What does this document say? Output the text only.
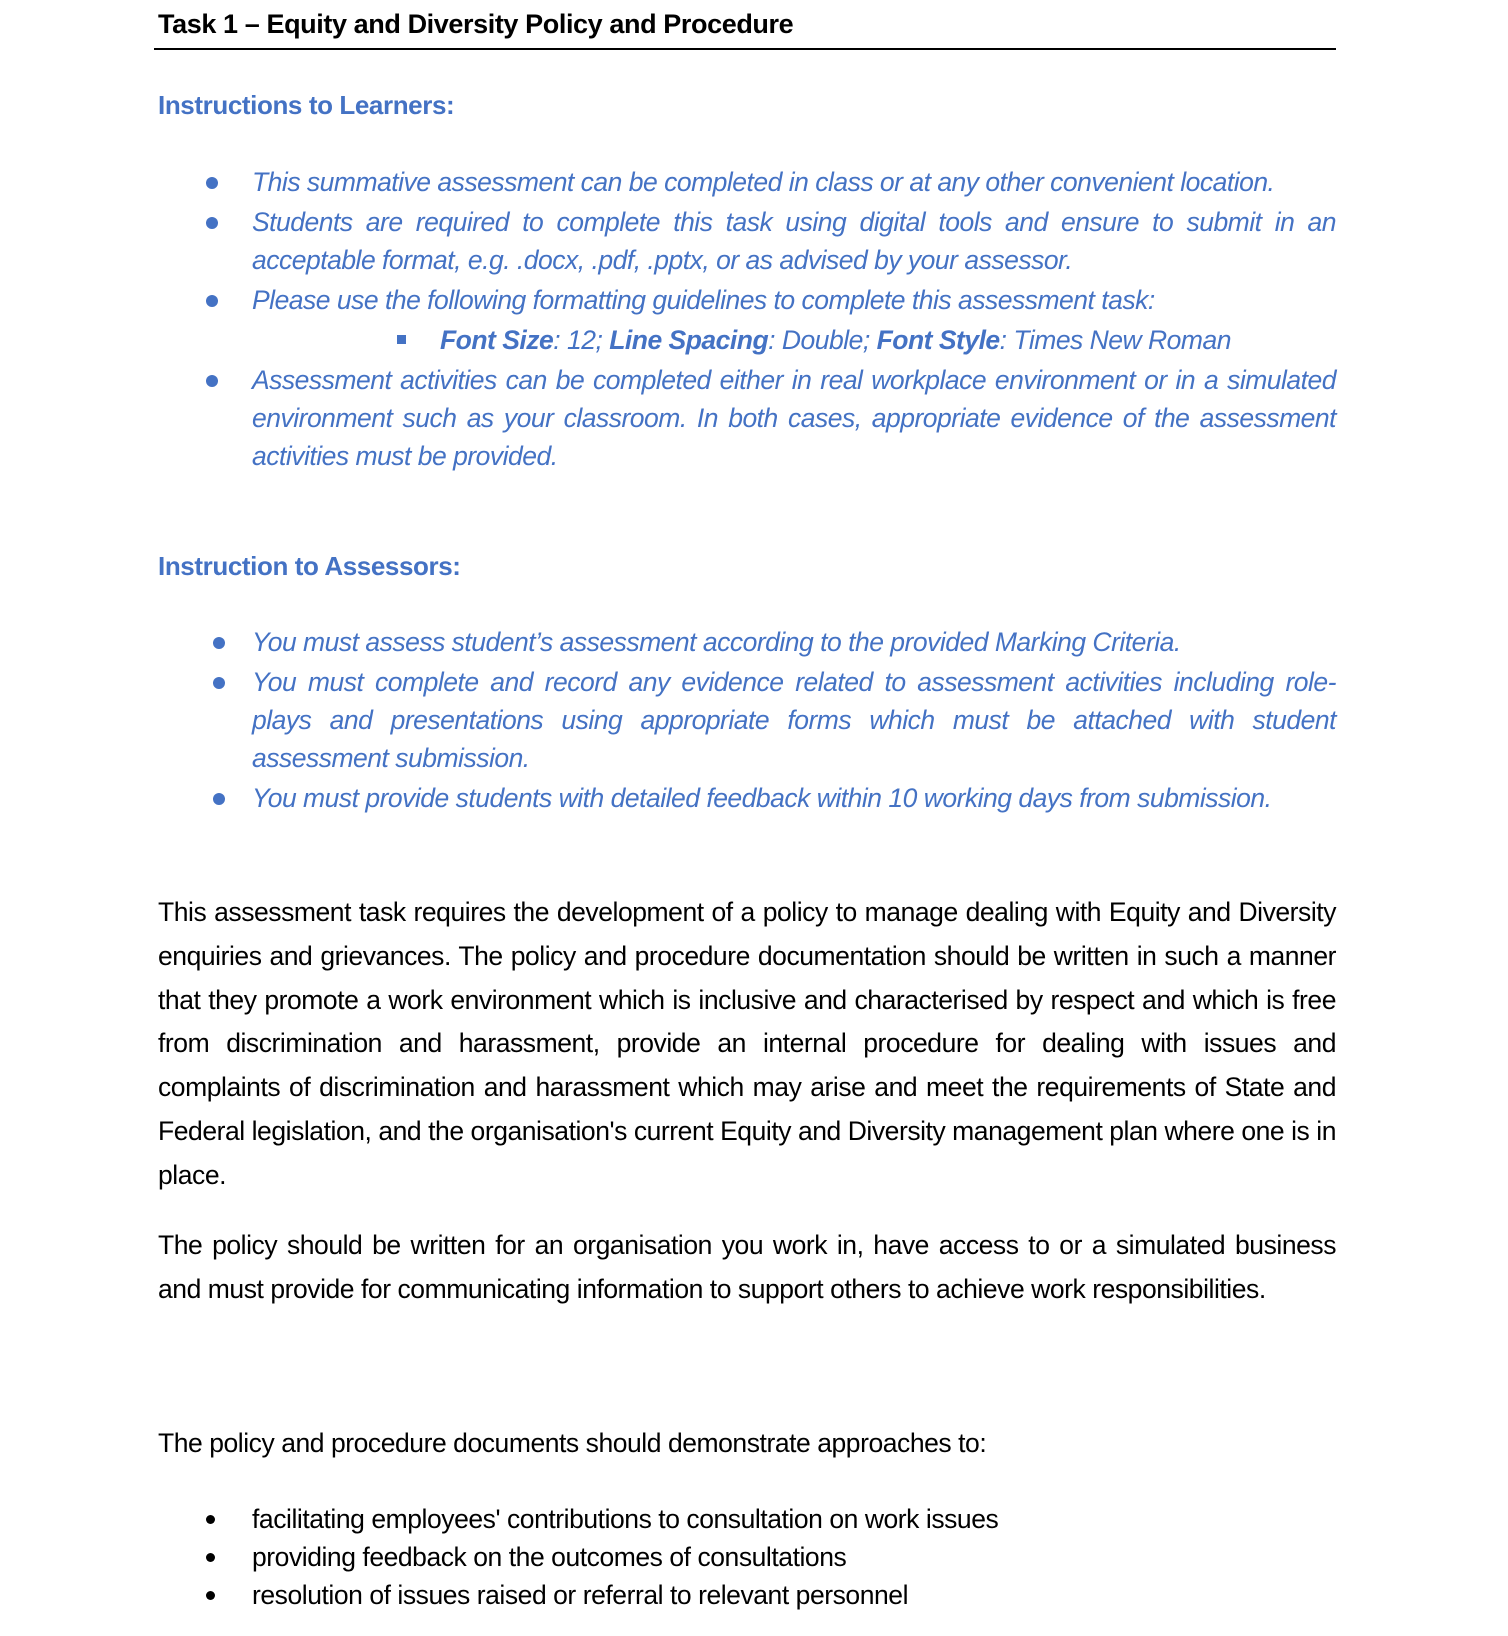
Task 1 – Equity and Diversity Policy and Procedure
Instructions to Learners:
This summative assessment can be completed in class or at any other convenient location.
Students are required to complete this task using digital tools and ensure to submit in an acceptable format, e.g. .docx, .pdf, .pptx, or as advised by your assessor.
Please use the following formatting guidelines to complete this assessment task:
Font Size: 12; Line Spacing: Double; Font Style: Times New Roman
Assessment activities can be completed either in real workplace environment or in a simulated environment such as your classroom. In both cases, appropriate evidence of the assessment activities must be provided.
Instruction to Assessors:
You must assess student’s assessment according to the provided Marking Criteria.
You must complete and record any evidence related to assessment activities including role-plays and presentations using appropriate forms which must be attached with student assessment submission.
You must provide students with detailed feedback within 10 working days from submission.

This assessment task requires the development of a policy to manage dealing with Equity and Diversity enquiries and grievances. The policy and procedure documentation should be written in such a manner that they promote a work environment which is inclusive and characterised by respect and which is free from discrimination and harassment, provide an internal procedure for dealing with issues and complaints of discrimination and harassment which may arise and meet the requirements of State and Federal legislation, and the organisation's current Equity and Diversity management plan where one is in place.

The policy should be written for an organisation you work in, have access to or a simulated business and must provide for communicating information to support others to achieve work responsibilities.

The policy and procedure documents should demonstrate approaches to:

facilitating employees' contributions to consultation on work issues
providing feedback on the outcomes of consultations
resolution of issues raised or referral to relevant personnel
